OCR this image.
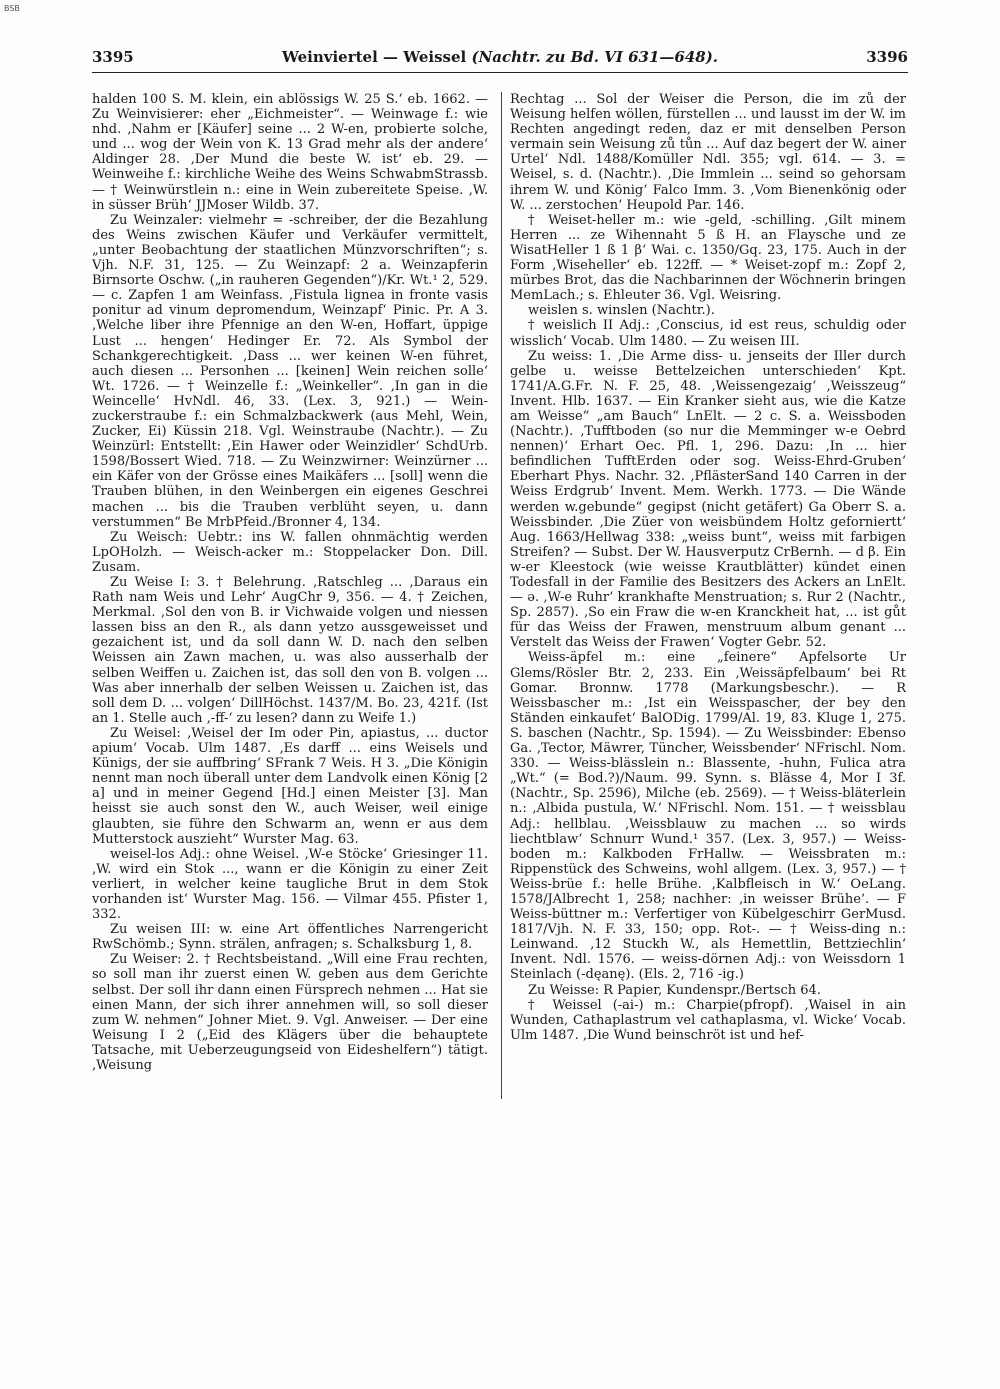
BSB
3395	Weinviertel — Weissel (Nachtr. zu Bd. VI 631—648).	3396

halden 100 S. M. klein, ein ablössigs W. 25 S.‘ eb. 1662. — Zu Weinvisierer: eher „Eichmeister“. — Weinwage f.: wie nhd. ‚Nahm er [Käufer] seine ... 2 W-en, probierte solche, und ... wog der Wein von K. 13 Grad mehr als der andere‘ Aldinger 28. ‚Der Mund die beste W. ist‘ eb. 29. — Weinweihe f.: kirchliche Weihe des Weins SchwabmStrassb. — † Weinwürstlein n.: eine in Wein zubereitete Speise. ‚W. in süsser Brüh‘ JJMoser Wildb. 37.

Zu Weinzaler: vielmehr = -schreiber, der die Bezahlung des Weins zwischen Käufer und Verkäufer vermittelt, „unter Beobachtung der staatlichen Münzvorschriften“; s. Vjh. N.F. 31, 125. — Zu Weinzapf: 2 a. Weinzapferin Birnsorte Oschw. („in rauheren Gegenden“)/Kr. Wt.¹ 2, 529. — c. Zapfen 1 am Weinfass. ‚Fistula lignea in fronte vasis ponitur ad vinum depromendum, Weinzapf‘ Pinic. Pr. A 3. ‚Welche liber ihre Pfennige an den W-en, Hoffart, üppige Lust ... hengen‘ Hedinger Er. 72. Als Symbol der Schankgerechtigkeit. ‚Dass ... wer keinen W-en führet, auch diesen ... Personhen ... [keinen] Wein reichen solle‘ Wt. 1726. — † Weinzelle f.: „Weinkeller“. ‚In gan in die Weincelle‘ HvNdl. 46, 33. (Lex. 3, 921.) — Wein-zuckerstraube f.: ein Schmalzbackwerk (aus Mehl, Wein, Zucker, Ei) Küssin 218. Vgl. Weinstraube (Nachtr.). — Zu Weinzürl: Entstellt: ‚Ein Hawer oder Weinzidler‘ SchdUrb. 1598/Bossert Wied. 718. — Zu Weinzwirner: Weinzürner ... ein Käfer von der Grösse eines Maikäfers ... [soll] wenn die Trauben blühen, in den Weinbergen ein eigenes Geschrei machen ... bis die Trauben verblüht seyen, u. dann verstummen“ Be MrbPfeid./Bronner 4, 134.

Zu Weisch: Uebtr.: ins W. fallen ohnmächtig werden LpOHolzh. — Weisch-acker m.: Stoppelacker Don. Dill. Zusam.

Zu Weise I: 3. † Belehrung. ‚Ratschleg ... ‚Daraus ein Rath nam Weis und Lehr‘ AugChr 9, 356. — 4. † Zeichen, Merkmal. ‚Sol den von B. ir Vichwaide volgen und niessen lassen biss an den R., als dann yetzo aussgeweisset und gezaichent ist, und da soll dann W. D. nach den selben Weissen ain Zawn machen, u. was also ausserhalb der selben Weiffen u. Zaichen ist, das soll den von B. volgen ... Was aber innerhalb der selben Weissen u. Zaichen ist, das soll dem D. ... volgen‘ DillHöchst. 1437/M. Bo. 23, 421f. (Ist an 1. Stelle auch ‚-ff-‘ zu lesen? dann zu Weife 1.)

Zu Weisel: ‚Weisel der Im oder Pin, apiastus, ... ductor apium‘ Vocab. Ulm 1487. ‚Es darff ... eins Weisels und Künigs, der sie auffbring‘ SFrank 7 Weis. H 3. „Die Königin nennt man noch überall unter dem Landvolk einen König [2 a] und in meiner Gegend [Hd.] einen Meister [3]. Man heisst sie auch sonst den W., auch Weiser, weil einige glaubten, sie führe den Schwarm an, wenn er aus dem Mutterstock auszieht“ Wurster Mag. 63.

weisel-los Adj.: ohne Weisel. ‚W-e Stöcke‘ Griesinger 11. ‚W. wird ein Stok ..., wann er die Königin zu einer Zeit verliert, in welcher keine taugliche Brut in dem Stok vorhanden ist‘ Wurster Mag. 156. — Vilmar 455. Pfister 1, 332.

Zu weisen III: w. eine Art öffentliches Narrengericht RwSchömb.; Synn. strälen, anfragen; s. Schalksburg 1, 8.

Zu Weiser: 2. † Rechtsbeistand. „Will eine Frau rechten, so soll man ihr zuerst einen W. geben aus dem Gerichte selbst. Der soll ihr dann einen Fürsprech nehmen ... Hat sie einen Mann, der sich ihrer annehmen will, so soll dieser zum W. nehmen“ Johner Miet. 9. Vgl. Anweiser. — Der eine Weisung I 2 („Eid des Klägers über die behauptete Tatsache, mit Ueberzeugungseid von Eideshelfern“) tätigt. ‚Weisung

Rechtag ... Sol der Weiser die Person, die im zů der Weisung helfen wöllen, fürstellen ... und lausst im der W. im Rechten angedingt reden, daz er mit denselben Person vermain sein Weisung zů tůn ... Auf daz begert der W. ainer Urtel‘ Ndl. 1488/Komüller Ndl. 355; vgl. 614. — 3. = Weisel, s. d. (Nachtr.). ‚Die Immlein ... seind so gehorsam ihrem W. und König‘ Falco Imm. 3. ‚Vom Bienenkönig oder W. ... zerstochen‘ Heupold Par. 146.

† Weiset-heller m.: wie -geld, -schilling. ‚Gilt minem Herren ... ze Wihennaht 5 ß H. an Flaysche und ze WisatHeller 1 ß 1 β‘ Wai. c. 1350/Gq. 23, 175. Auch in der Form ‚Wiseheller‘ eb. 122ff. — * Weiset-zopf m.: Zopf 2, mürbes Brot, das die Nachbarinnen der Wöchnerin bringen MemLach.; s. Ehleuter 36. Vgl. Weisring.

weislen s. winslen (Nachtr.).

† weislich II Adj.: ‚Conscius, id est reus, schuldig oder wisslich‘ Vocab. Ulm 1480. — Zu weisen III.

Zu weiss: 1. ‚Die Arme diss- u. jenseits der Iller durch gelbe u. weisse Bettelzeichen unterschieden‘ Kpt. 1741/A.G.Fr. N. F. 25, 48. ‚Weissengezaig‘ ‚Weisszeug“ Invent. Hlb. 1637. — Ein Kranker sieht aus, wie die Katze am Weisse“ „am Bauch“ LnElt. — 2 c. S. a. Weissboden (Nachtr.). ‚Tufftboden (so nur die Memminger w-e Oebrd nennen)‘ Erhart Oec. Pfl. 1, 296. Dazu: ‚In ... hier befindlichen TufftErden oder sog. Weiss-Ehrd-Gruben‘ Eberhart Phys. Nachr. 32. ‚PflästerSand 140 Carren in der Weiss Erdgrub‘ Invent. Mem. Werkh. 1773. — Die Wände werden w.gebunde“ gegipst (nicht getäfert) Ga Oberr S. a. Weissbinder. ‚Die Züer von weisbündem Holtz geforniertt‘ Aug. 1663/Hellwag 338: „weiss bunt“, weiss mit farbigen Streifen? — Subst. Der W. Hausverputz CrBernh. — d β. Ein w-er Kleestock (wie weisse Krautblätter) kündet einen Todesfall in der Familie des Besitzers des Ackers an LnElt. — ə. ‚W-e Ruhr‘ krankhafte Menstruation; s. Rur 2 (Nachtr., Sp. 2857). ‚So ein Fraw die w-en Kranckheit hat, ... ist gůt für das Weiss der Frawen, menstruum album genant ... Verstelt das Weiss der Frawen‘ Vogter Gebr. 52.

Weiss-äpfel m.: eine „feinere“ Apfelsorte Ur Glems/Rösler Btr. 2, 233. Ein ‚Weissäpfelbaum‘ bei Rt Gomar. Bronnw. 1778 (Markungsbeschr.). — R Weissbascher m.: ‚Ist ein Weisspascher, der bey den Ständen einkaufet‘ BalODig. 1799/Al. 19, 83. Kluge 1, 275. S. baschen (Nachtr., Sp. 1594). — Zu Weissbinder: Ebenso Ga. ‚Tector, Mäwrer, Tüncher, Weissbender‘ NFrischl. Nom. 330. — Weiss-blässlein n.: Blassente, -huhn, Fulica atra „Wt.“ (= Bod.?)/Naum. 99. Synn. s. Blässe 4, Mor I 3f. (Nachtr., Sp. 2596), Milche (eb. 2569). — † Weiss-bläterlein n.: ‚Albida pustula, W.‘ NFrischl. Nom. 151. — † weissblau Adj.: hellblau. ‚Weissblauw zu machen ... so wirds liechtblaw‘ Schnurr Wund.¹ 357. (Lex. 3, 957.) — Weiss-boden m.: Kalkboden FrHallw. — Weissbraten m.: Rippenstück des Schweins, wohl allgem. (Lex. 3, 957.) — † Weiss-brüe f.: helle Brühe. ‚Kalbfleisch in W.‘ OeLang. 1578/JAlbrecht 1, 258; nachher: ‚in weisser Brühe‘. — F Weiss-büttner m.: Verfertiger von Kübelgeschirr GerMusd. 1817/Vjh. N. F. 33, 150; opp. Rot-. — † Weiss-ding n.: Leinwand. ‚12 Stuckh W., als Hemettlin, Bettziechlin‘ Invent. Ndl. 1576. — weiss-dörnen Adj.: von Weissdorn 1 Steinlach (-dęanę). (Els. 2, 716 -ig.)

Zu Weisse: R Papier, Kundenspr./Bertsch 64.

† Weissel (-ai-) m.: Charpie(pfropf). ‚Waisel in ain Wunden, Cathaplastrum vel cathaplasma, vl. Wicke‘ Vocab. Ulm 1487. ‚Die Wund beinschröt ist und hef-
